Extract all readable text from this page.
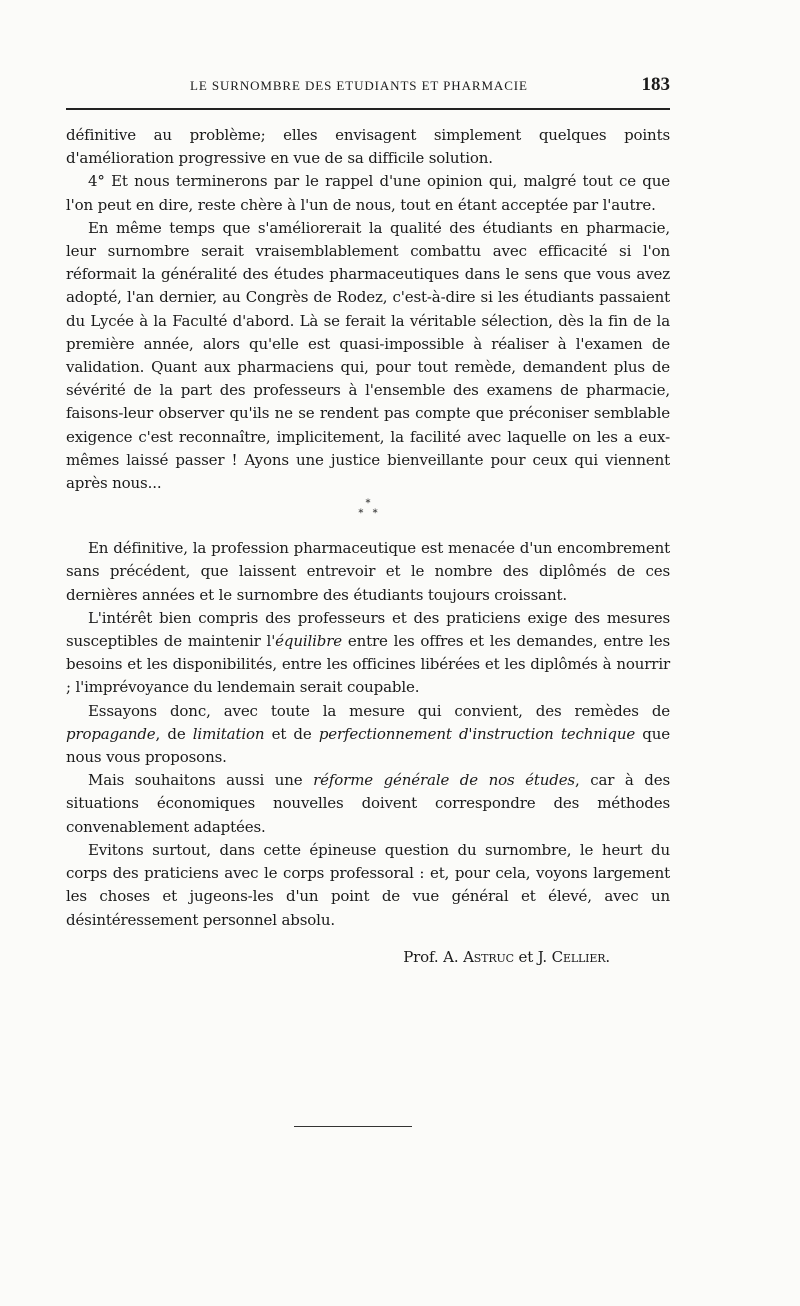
LE SURNOMBRE DES ETUDIANTS ET PHARMACIE	183

définitive au problème; elles envisagent simplement quelques points d'amélioration progressive en vue de sa difficile solution.

4° Et nous terminerons par le rappel d'une opinion qui, malgré tout ce que l'on peut en dire, reste chère à l'un de nous, tout en étant acceptée par l'autre.

En même temps que s'améliorerait la qualité des étudiants en pharmacie, leur surnombre serait vraisemblablement combattu avec efficacité si l'on réformait la généralité des études pharmaceutiques dans le sens que vous avez adopté, l'an dernier, au Congrès de Rodez, c'est-à-dire si les étudiants passaient du Lycée à la Faculté d'abord. Là se ferait la véritable sélection, dès la fin de la première année, alors qu'elle est quasi-impossible à réaliser à l'examen de validation. Quant aux pharmaciens qui, pour tout remède, demandent plus de sévérité de la part des professeurs à l'ensemble des examens de pharmacie, faisons-leur observer qu'ils ne se rendent pas compte que préconiser semblable exigence c'est reconnaître, implicitement, la facilité avec laquelle on les a eux-mêmes laissé passer ! Ayons une justice bienveillante pour ceux qui viennent après nous...

*
* *

En définitive, la profession pharmaceutique est menacée d'un encombrement sans précédent, que laissent entrevoir et le nombre des diplômés de ces dernières années et le surnombre des étudiants toujours croissant.

L'intérêt bien compris des professeurs et des praticiens exige des mesures susceptibles de maintenir l'équilibre entre les offres et les demandes, entre les besoins et les disponibilités, entre les officines libérées et les diplômés à nourrir ; l'imprévoyance du lendemain serait coupable.

Essayons donc, avec toute la mesure qui convient, des remèdes de propagande, de limitation et de perfectionnement d'instruction technique que nous vous proposons.

Mais souhaitons aussi une réforme générale de nos études, car à des situations économiques nouvelles doivent correspondre des méthodes convenablement adaptées.

Evitons surtout, dans cette épineuse question du surnombre, le heurt du corps des praticiens avec le corps professoral : et, pour cela, voyons largement les choses et jugeons-les d'un point de vue général et élevé, avec un désintéressement personnel absolu.

Prof. A. Astruc et J. Cellier.
